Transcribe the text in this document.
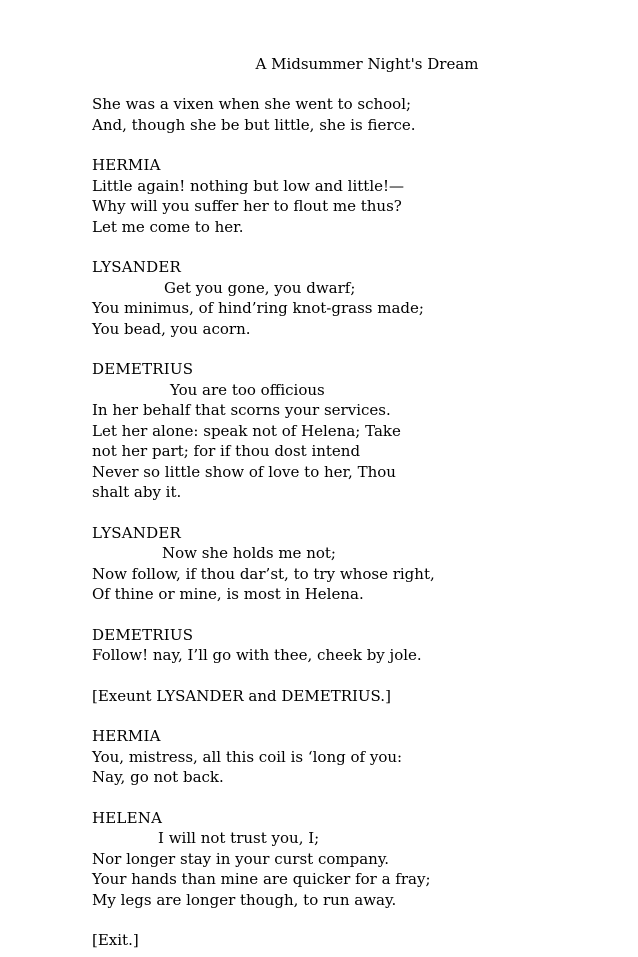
A Midsummer Night's Dream
She was a vixen when she went to school;
And, though she be but little, she is fierce.
HERMIA
Little again! nothing but low and little!—
Why will you suffer her to flout me thus?
Let me come to her.
LYSANDER
Get you gone, you dwarf;
You minimus, of hind’ring knot-grass made;
You bead, you acorn.
DEMETRIUS
You are too officious
In her behalf that scorns your services.
Let her alone: speak not of Helena; Take
not her part; for if thou dost intend
Never so little show of love to her, Thou
shalt aby it.
LYSANDER
Now she holds me not;
Now follow, if thou dar’st, to try whose right,
Of thine or mine, is most in Helena.
DEMETRIUS
Follow! nay, I’ll go with thee, cheek by jole.
[Exeunt LYSANDER and DEMETRIUS.]
HERMIA
You, mistress, all this coil is ‘long of you:
Nay, go not back.
HELENA
I will not trust you, I;
Nor longer stay in your curst company.
Your hands than mine are quicker for a fray;
My legs are longer though, to run away.
[Exit.]
